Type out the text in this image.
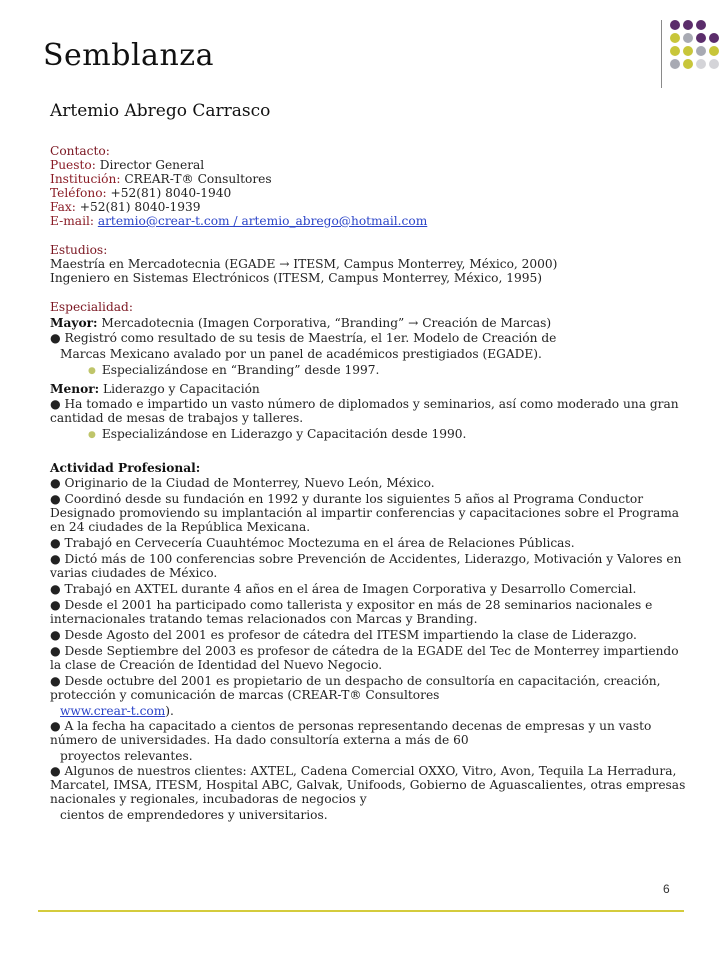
Semblanza
Artemio Abrego Carrasco

Contacto:

Puesto: Director General

Institución: CREAR-T® Consultores

Teléfono: +52(81) 8040-1940

Fax: +52(81) 8040-1939

E-mail: artemio@crear-t.com / artemio_abrego@hotmail.com

Estudios:

Maestría en Mercadotecnia (EGADE → ITESM, Campus Monterrey, México, 2000)

Ingeniero en Sistemas Electrónicos (ITESM, Campus Monterrey, México, 1995)

Especialidad:

Mayor: Mercadotecnia (Imagen Corporativa, “Branding” → Creación de Marcas)

● Registró como resultado de su tesis de Maestría, el 1er. Modelo de Creación de

Marcas Mexicano avalado por un panel de académicos prestigiados (EGADE).

● Especializándose en “Branding” desde 1997.

Menor: Liderazgo y Capacitación

● Ha tomado e impartido un vasto número de diplomados y seminarios, así como moderado una gran cantidad de mesas de trabajos y talleres.

● Especializándose en Liderazgo y Capacitación desde 1990.

Actividad Profesional:

● Originario de la Ciudad de Monterrey, Nuevo León, México.

● Coordinó desde su fundación en 1992 y durante los siguientes 5 años al Programa Conductor Designado promoviendo su implantación al impartir conferencias y capacitaciones sobre el Programa en 24 ciudades de la República Mexicana.

● Trabajó en Cervecería Cuauhtémoc Moctezuma en el área de Relaciones Públicas.

● Dictó más de 100 conferencias sobre Prevención de Accidentes, Liderazgo, Motivación y Valores en varias ciudades de México.

● Trabajó en AXTEL durante 4 años en el área de Imagen Corporativa y Desarrollo Comercial.

● Desde el 2001 ha participado como tallerista y expositor en más de 28 seminarios nacionales e internacionales tratando temas relacionados con Marcas y Branding.

● Desde Agosto del 2001 es profesor de cátedra del ITESM impartiendo la clase de Liderazgo.

● Desde Septiembre del 2003 es profesor de cátedra de la EGADE del Tec de Monterrey impartiendo la clase de Creación de Identidad del Nuevo Negocio.

● Desde octubre del 2001 es propietario de un despacho de consultoría en capacitación, creación, protección y comunicación de marcas (CREAR-T® Consultores

www.crear-t.com).

● A la fecha ha capacitado a cientos de personas representando decenas de empresas y un vasto número de universidades. Ha dado consultoría externa a más de 60

proyectos relevantes.

● Algunos de nuestros clientes: AXTEL, Cadena Comercial OXXO, Vitro, Avon, Tequila La Herradura, Marcatel, IMSA, ITESM, Hospital ABC, Galvak, Unifoods, Gobierno de Aguascalientes, otras empresas nacionales y regionales, incubadoras de negocios y

cientos de emprendedores y universitarios.

6
